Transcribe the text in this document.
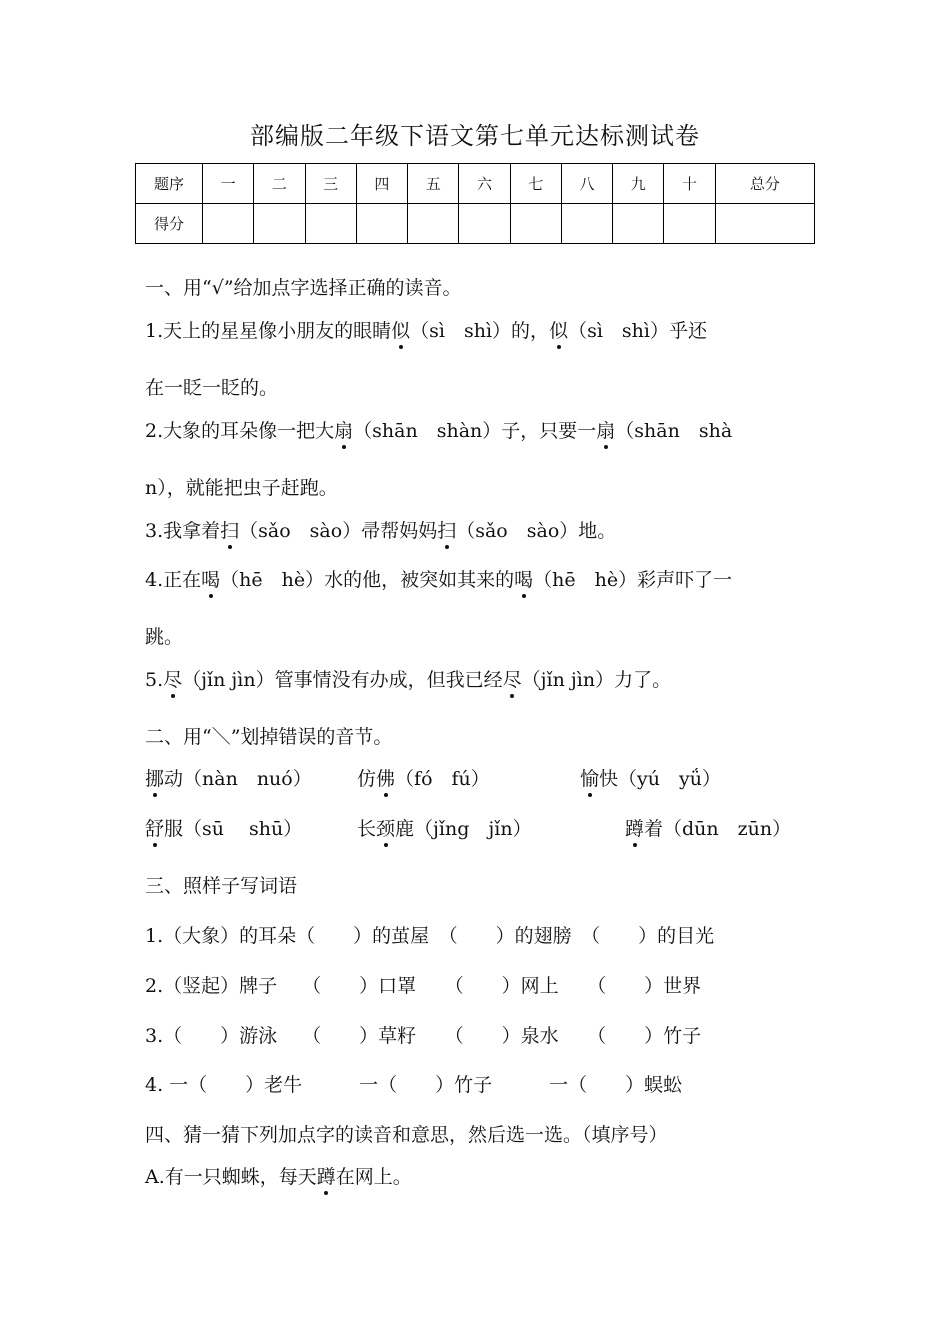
部编版二年级下语文第七单元达标测试卷
题序	一	二	三	四	五	六	七	八	九	十	总分
得分											
一、用“√”给加点字选择正确的读音。
1.天上的星星像小朋友的眼睛似（sì　shì）的，似（sì　shì）乎还
在一眨一眨的。
2.大象的耳朵像一把大扇（shān　shàn）子，只要一扇（shān　shà
n），就能把虫子赶跑。
3.我拿着扫（sǎo　sào）帚帮妈妈扫（sǎo　sào）地。
4.正在喝（hē　hè）水的他，被突如其来的喝（hē　hè）彩声吓了一
跳。
5.尽（jǐn jìn）管事情没有办成，但我已经尽（jǐn jìn）力了。
二、用“＼”划掉错误的音节。
挪动（nàn　nuó） 仿佛（fó　fú）	愉快（yú　yǘ）
舒服（sū　 shū）	长颈鹿（jǐng　jǐn）	蹲着（dūn　zūn）
三、照样子写词语
1.（大象）的耳朵（　　）的茧屋　（　　）的翅膀　（　　）的目光
2.（竖起）牌子　 （　　）口罩　　（　　）网上　　（　　）世界
3.（　　）游泳　 （　　）草籽　　（　　）泉水　　（　　）竹子
4. 一（　　）老牛　　　一（　　）竹子　　　一（　　）蜈蚣
四、猜一猜下列加点字的读音和意思，然后选一选。（填序号）
A.有一只蜘蛛，每天蹲在网上。
